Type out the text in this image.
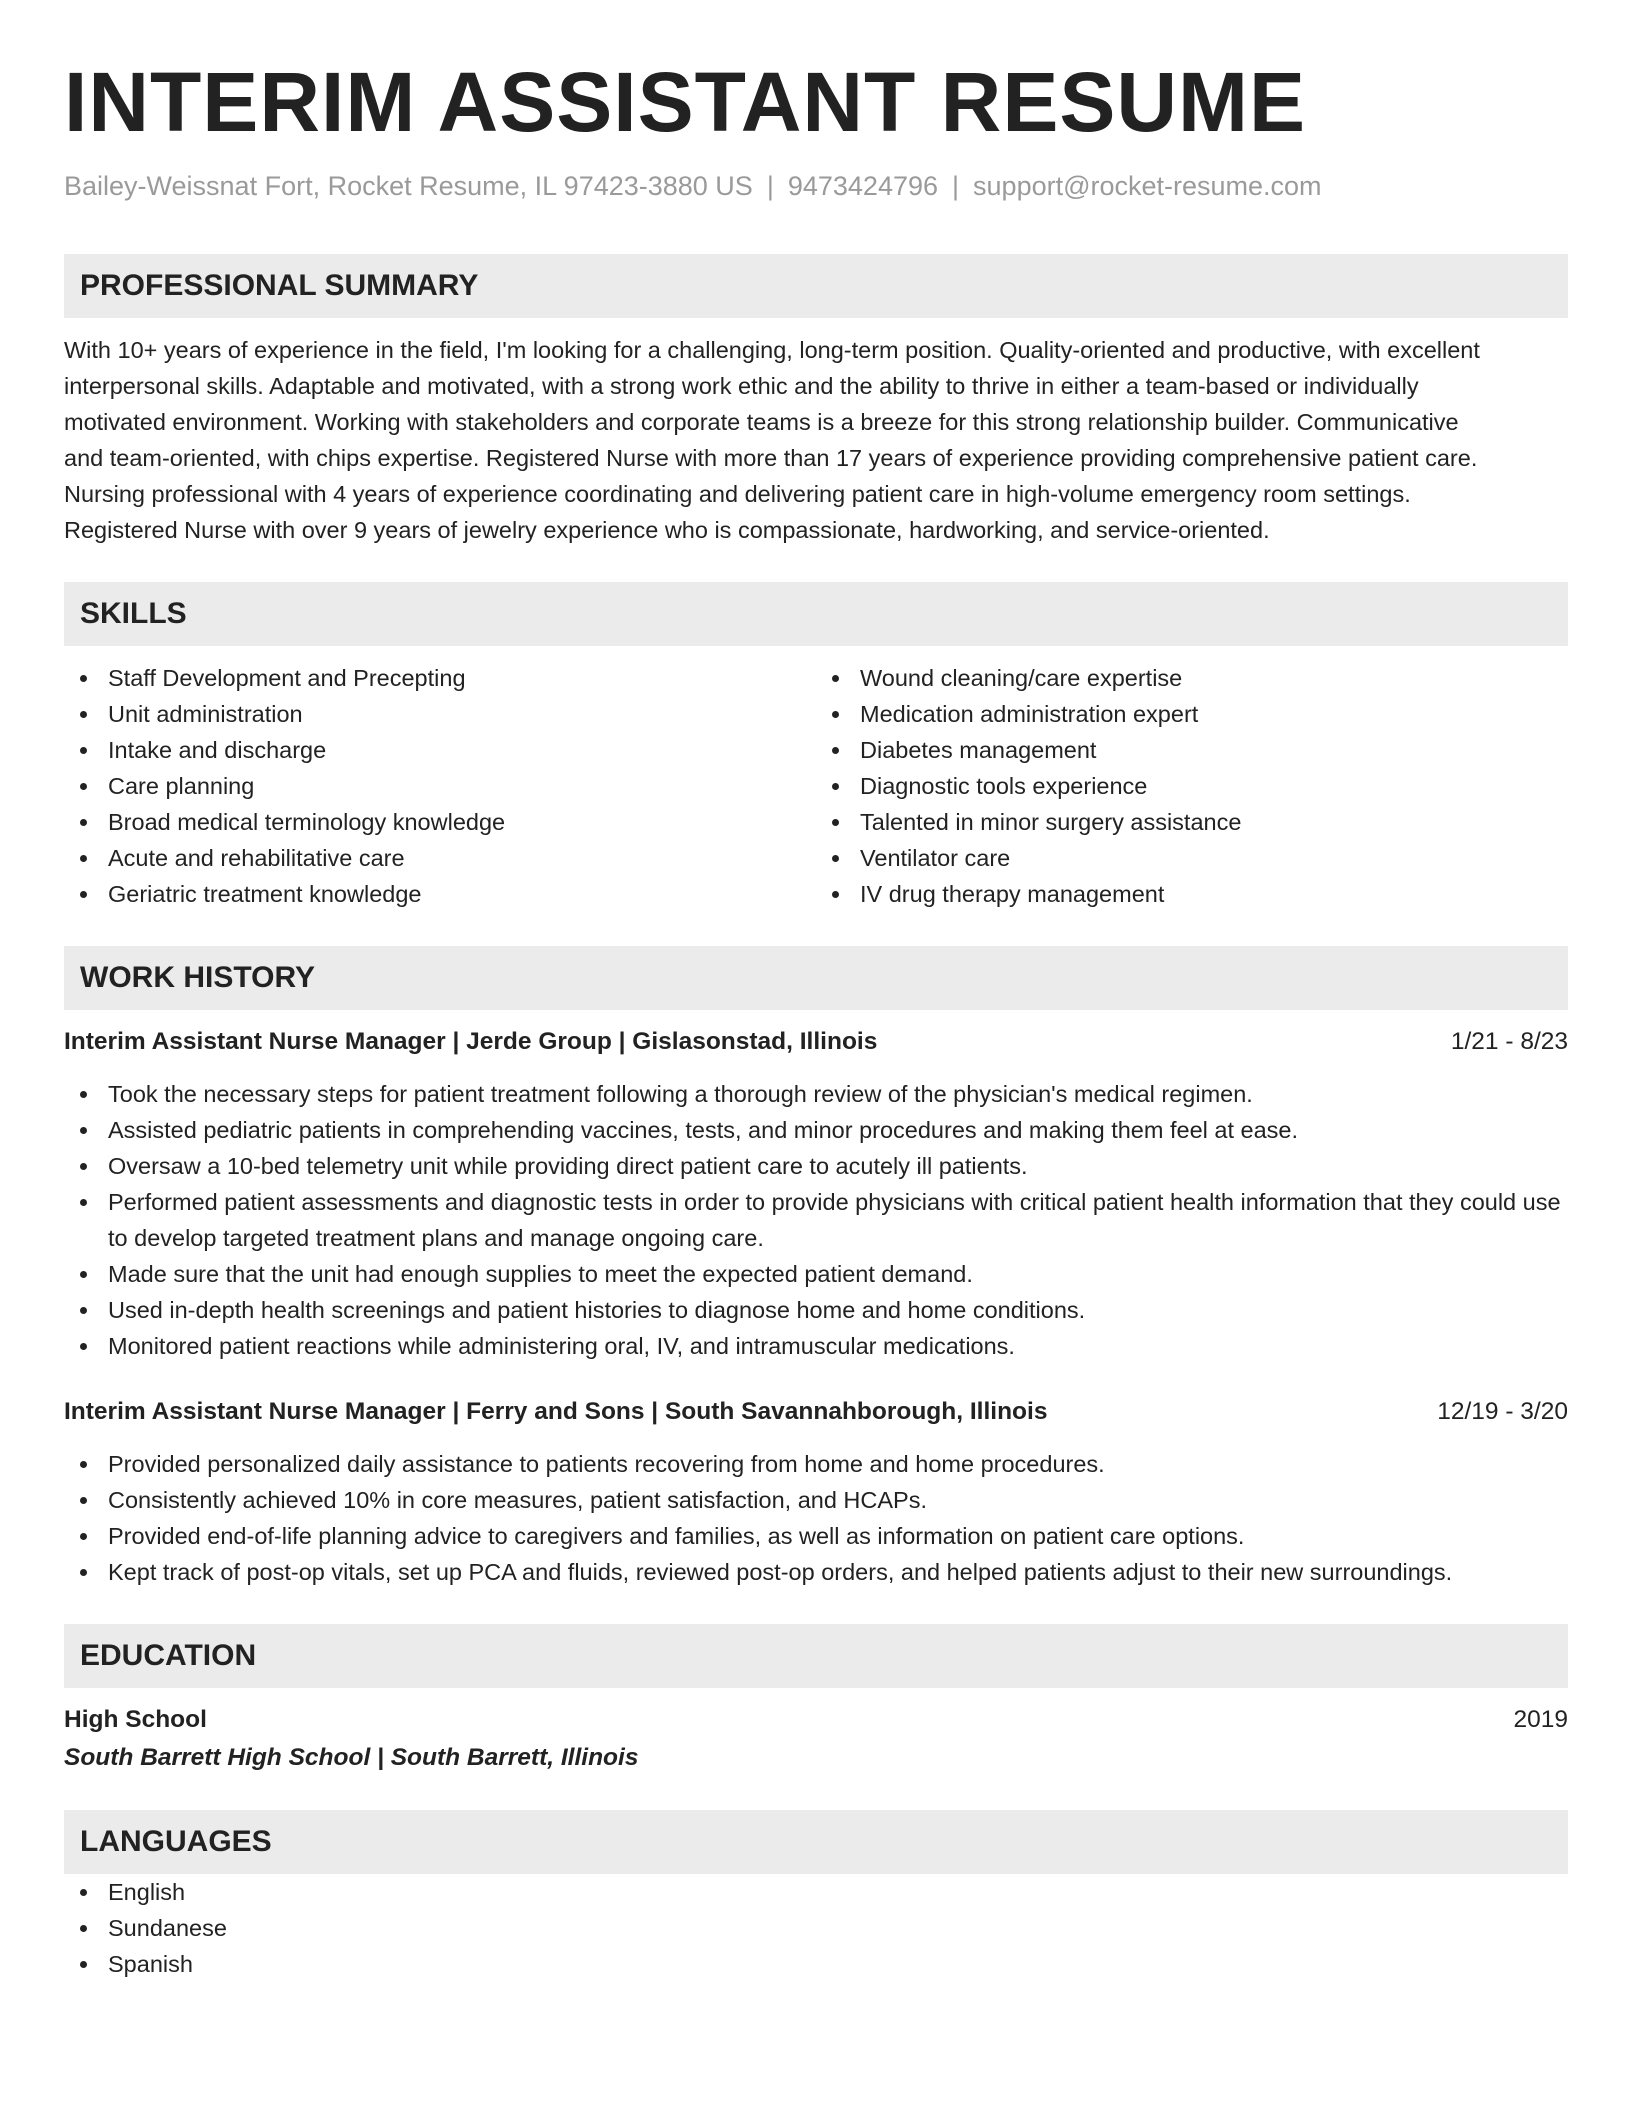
INTERIM ASSISTANT RESUME
Bailey-Weissnat Fort, Rocket Resume, IL 97423-3880 US | 9473424796 | support@rocket-resume.com
PROFESSIONAL SUMMARY
With 10+ years of experience in the field, I'm looking for a challenging, long-term position. Quality-oriented and productive, with excellent
interpersonal skills. Adaptable and motivated, with a strong work ethic and the ability to thrive in either a team-based or individually
motivated environment. Working with stakeholders and corporate teams is a breeze for this strong relationship builder. Communicative
and team-oriented, with chips expertise. Registered Nurse with more than 17 years of experience providing comprehensive patient care.
Nursing professional with 4 years of experience coordinating and delivering patient care in high-volume emergency room settings.
Registered Nurse with over 9 years of jewelry experience who is compassionate, hardworking, and service-oriented.
SKILLS
Staff Development and Precepting
Unit administration
Intake and discharge
Care planning
Broad medical terminology knowledge
Acute and rehabilitative care
Geriatric treatment knowledge
Wound cleaning/care expertise
Medication administration expert
Diabetes management
Diagnostic tools experience
Talented in minor surgery assistance
Ventilator care
IV drug therapy management
WORK HISTORY
Interim Assistant Nurse Manager | Jerde Group | Gislasonstad, Illinois	1/21 - 8/23
Took the necessary steps for patient treatment following a thorough review of the physician's medical regimen.
Assisted pediatric patients in comprehending vaccines, tests, and minor procedures and making them feel at ease.
Oversaw a 10-bed telemetry unit while providing direct patient care to acutely ill patients.
Performed patient assessments and diagnostic tests in order to provide physicians with critical patient health information that they could use to develop targeted treatment plans and manage ongoing care.
Made sure that the unit had enough supplies to meet the expected patient demand.
Used in-depth health screenings and patient histories to diagnose home and home conditions.
Monitored patient reactions while administering oral, IV, and intramuscular medications.
Interim Assistant Nurse Manager | Ferry and Sons | South Savannahborough, Illinois	12/19 - 3/20
Provided personalized daily assistance to patients recovering from home and home procedures.
Consistently achieved 10% in core measures, patient satisfaction, and HCAPs.
Provided end-of-life planning advice to caregivers and families, as well as information on patient care options.
Kept track of post-op vitals, set up PCA and fluids, reviewed post-op orders, and helped patients adjust to their new surroundings.
EDUCATION
High School	2019
South Barrett High School | South Barrett, Illinois
LANGUAGES
English
Sundanese
Spanish
